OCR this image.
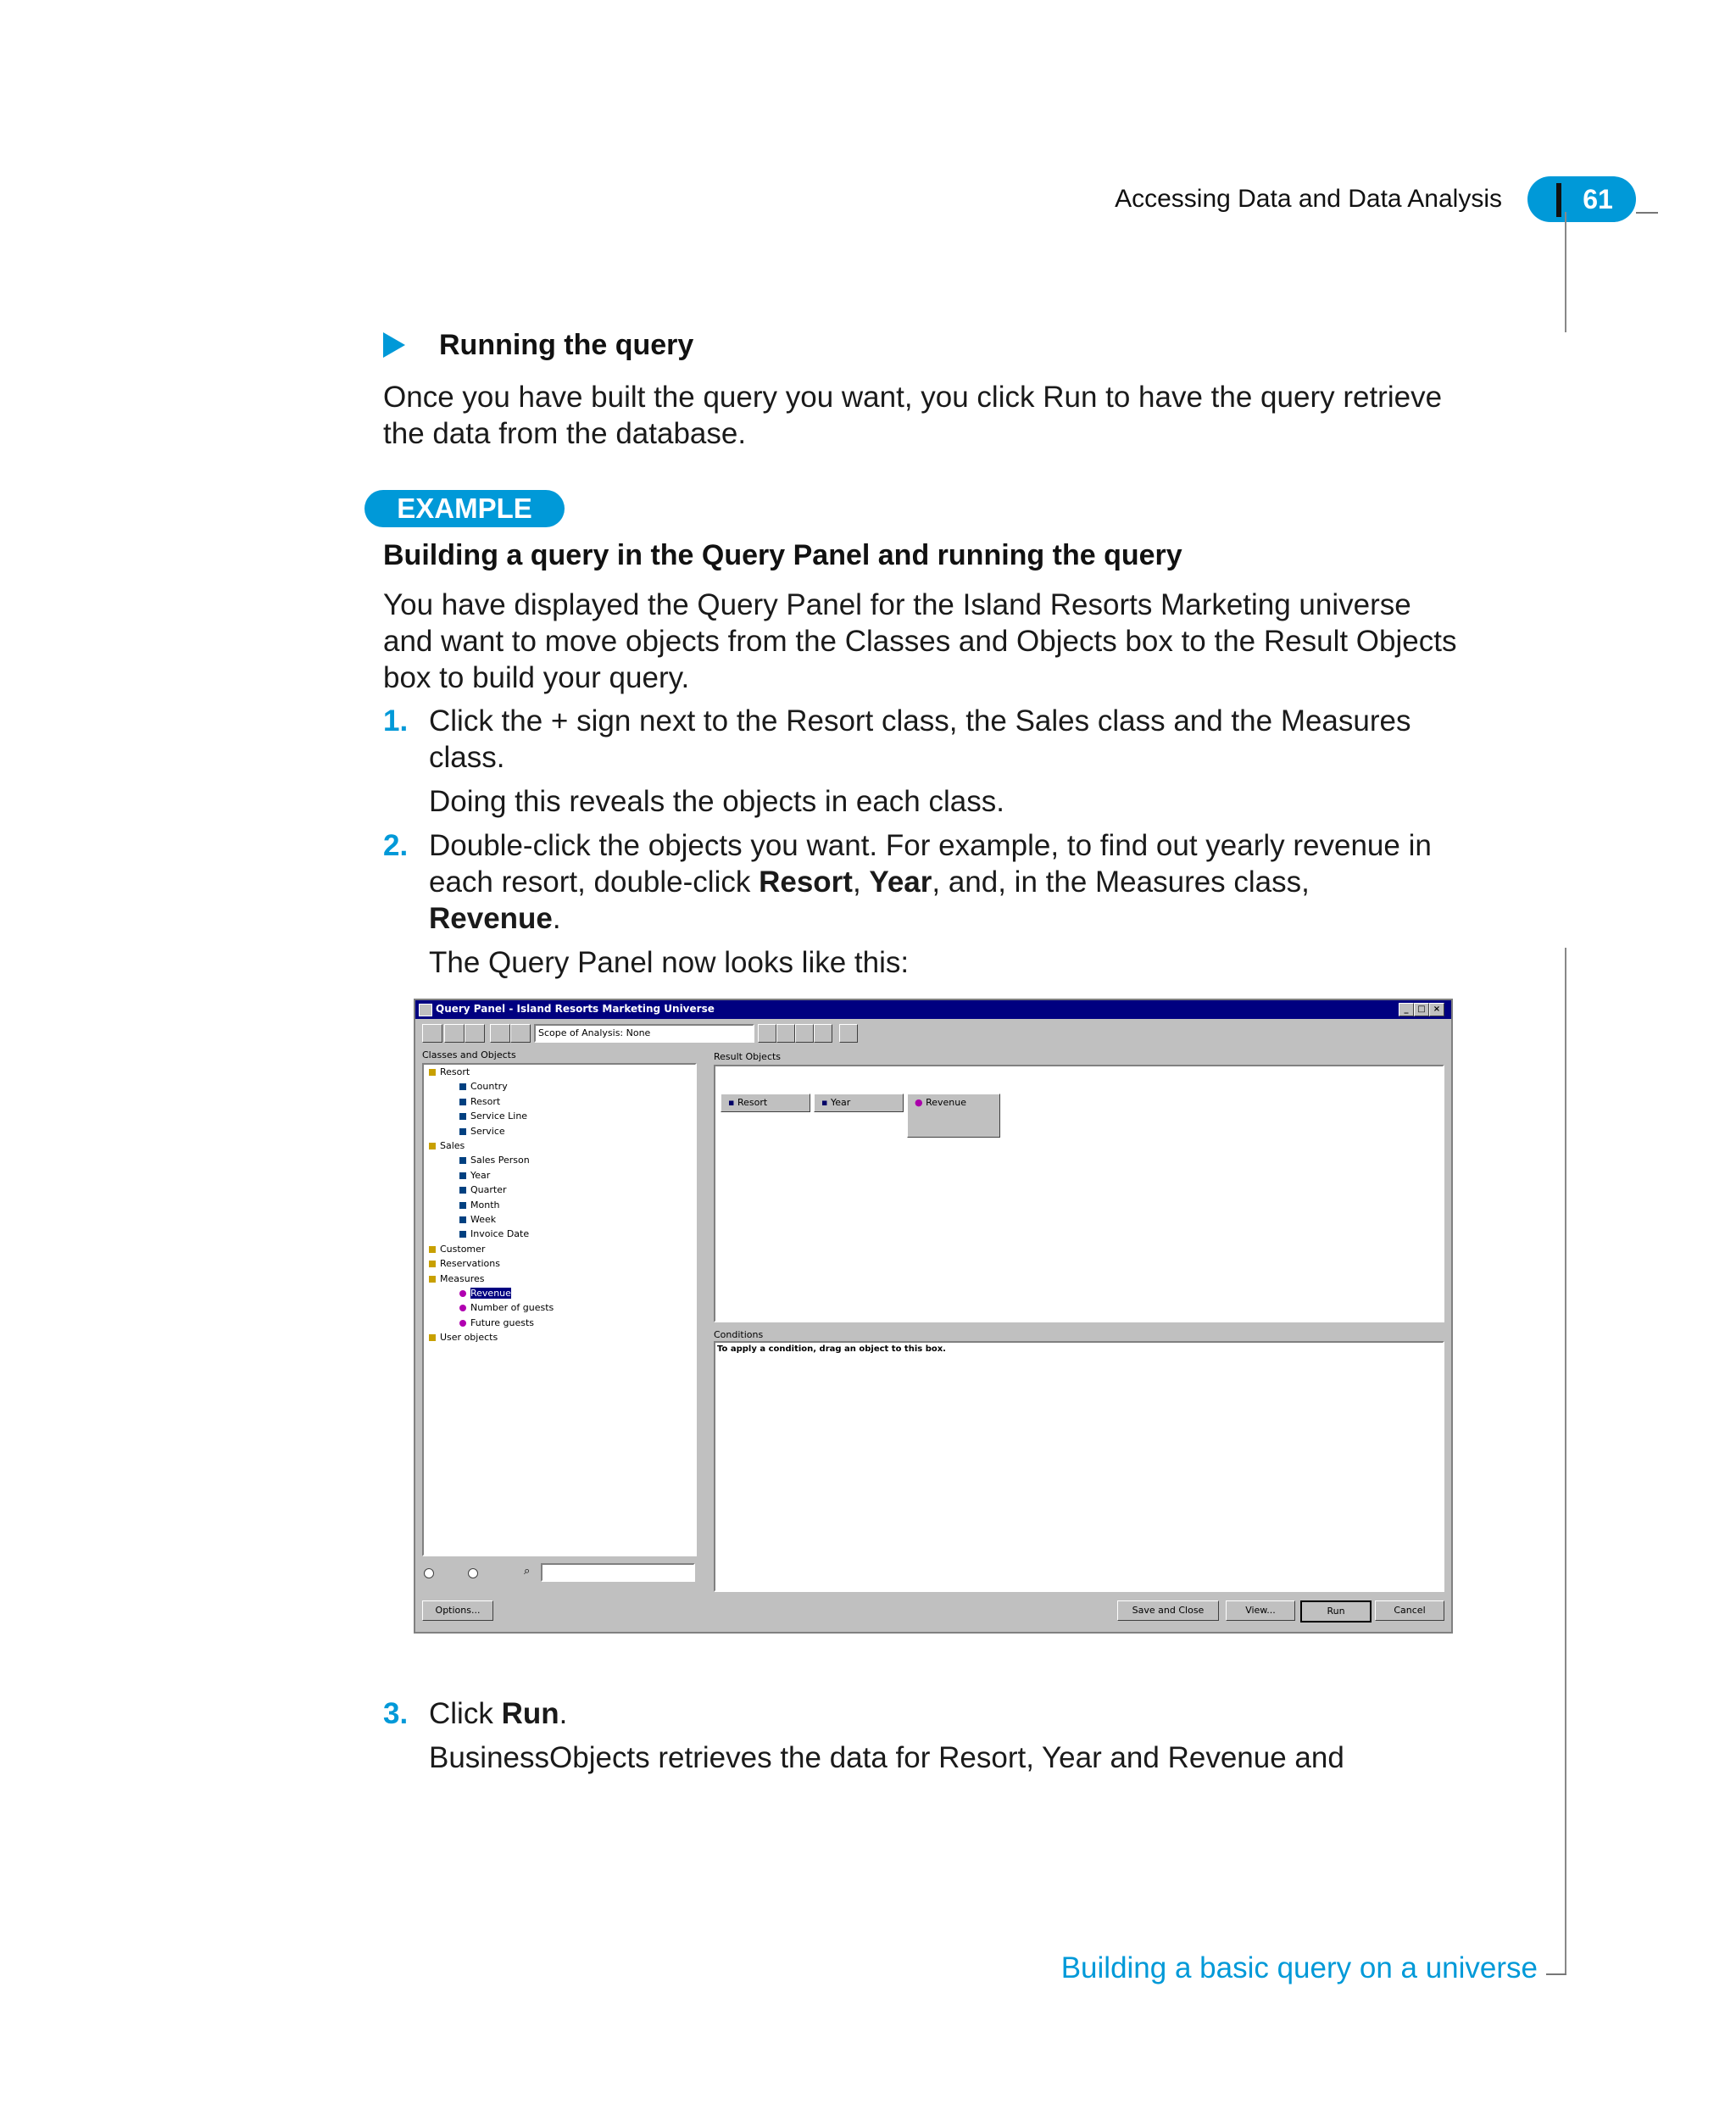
Accessing Data and Data Analysis	61
Running the query
Once you have built the query you want, you click Run to have the query retrieve
the data from the database.
EXAMPLE
Building a query in the Query Panel and running the query
You have displayed the Query Panel for the Island Resorts Marketing universe
and want to move objects from the Classes and Objects box to the Result Objects
box to build your query.
1. Click the + sign next to the Resort class, the Sales class and the Measures
class.
Doing this reveals the objects in each class.
2. Double-click the objects you want. For example, to find out yearly revenue in
each resort, double-click Resort, Year, and, in the Measures class,
Revenue.
The Query Panel now looks like this:
Query Panel - Island Resorts Marketing Universe	_	□ ×
Scope of Analysis: None
Classes and Objects
Resort
Country
Resort
Service Line
Service
Sales
Sales Person
Year
Quarter
Month
Week
Invoice Date
Customer
Reservations
Measures
Revenue
Number of guests
Future guests
User objects
⌕
Result Objects
▪ Resort	▪ Year	● Revenue
Conditions
To apply a condition, drag an object to this box.
Options...	Save and Close	View...	Run	Cancel
3. Click Run.
BusinessObjects retrieves the data for Resort, Year and Revenue and
Building a basic query on a universe
